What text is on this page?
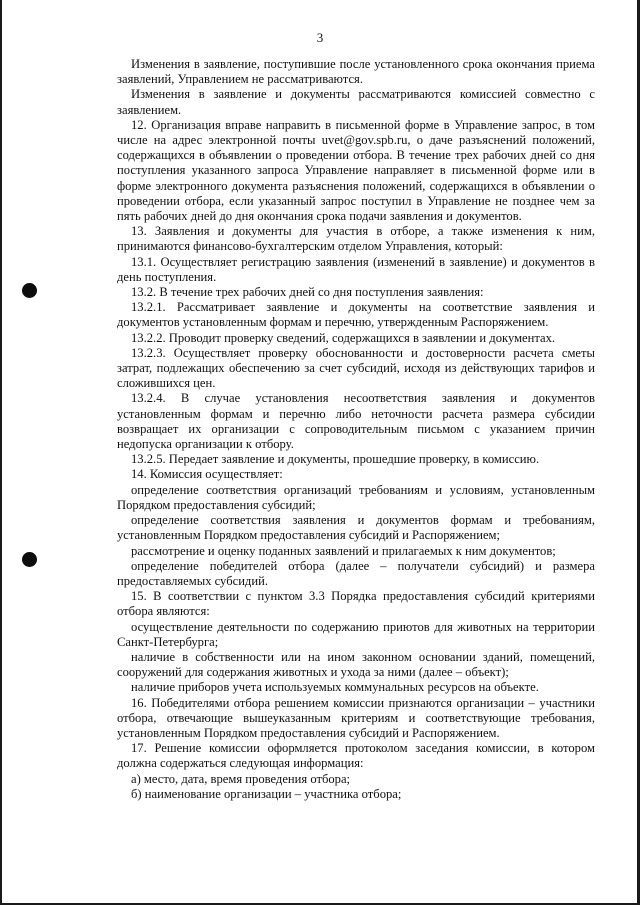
3

Изменения в заявление, поступившие после установленного срока окончания приема заявлений, Управлением не рассматриваются.

Изменения в заявление и документы рассматриваются комиссией совместно с заявлением.

12. Организация вправе направить в письменной форме в Управление запрос, в том числе на адрес электронной почты uvet@gov.spb.ru, о даче разъяснений положений, содержащихся в объявлении о проведении отбора. В течение трех рабочих дней со дня поступления указанного запроса Управление направляет в письменной форме или в форме электронного документа разъяснения положений, содержащихся в объявлении о проведении отбора, если указанный запрос поступил в Управление не позднее чем за пять рабочих дней до дня окончания срока подачи заявления и документов.

13. Заявления и документы для участия в отборе, а также изменения к ним, принимаются финансово-бухгалтерским отделом Управления, который:

13.1. Осуществляет регистрацию заявления (изменений в заявление) и документов в день поступления.

13.2. В течение трех рабочих дней со дня поступления заявления:

13.2.1. Рассматривает заявление и документы на соответствие заявления и документов установленным формам и перечню, утвержденным Распоряжением.

13.2.2. Проводит проверку сведений, содержащихся в заявлении и документах.

13.2.3. Осуществляет проверку обоснованности и достоверности расчета сметы затрат, подлежащих обеспечению за счет субсидий, исходя из действующих тарифов и сложившихся цен.

13.2.4. В случае установления несоответствия заявления и документов установленным формам и перечню либо неточности расчета размера субсидии возвращает их организации с сопроводительным письмом с указанием причин недопуска организации к отбору.

13.2.5. Передает заявление и документы, прошедшие проверку, в комиссию.

14. Комиссия осуществляет:

определение соответствия организаций требованиям и условиям, установленным Порядком предоставления субсидий;

определение соответствия заявления и документов формам и требованиям, установленным Порядком предоставления субсидий и Распоряжением;

рассмотрение и оценку поданных заявлений и прилагаемых к ним документов;

определение победителей отбора (далее – получатели субсидий) и размера предоставляемых субсидий.

15. В соответствии с пунктом 3.3 Порядка предоставления субсидий критериями отбора являются:

осуществление деятельности по содержанию приютов для животных на территории Санкт-Петербурга;

наличие в собственности или на ином законном основании зданий, помещений, сооружений для содержания животных и ухода за ними (далее – объект);

наличие приборов учета используемых коммунальных ресурсов на объекте.

16. Победителями отбора решением комиссии признаются организации – участники отбора, отвечающие вышеуказанным критериям и соответствующие требования, установленным Порядком предоставления субсидий и Распоряжением.

17. Решение комиссии оформляется протоколом заседания комиссии, в котором должна содержаться следующая информация:

а) место, дата, время проведения отбора;

б) наименование организации – участника отбора;
